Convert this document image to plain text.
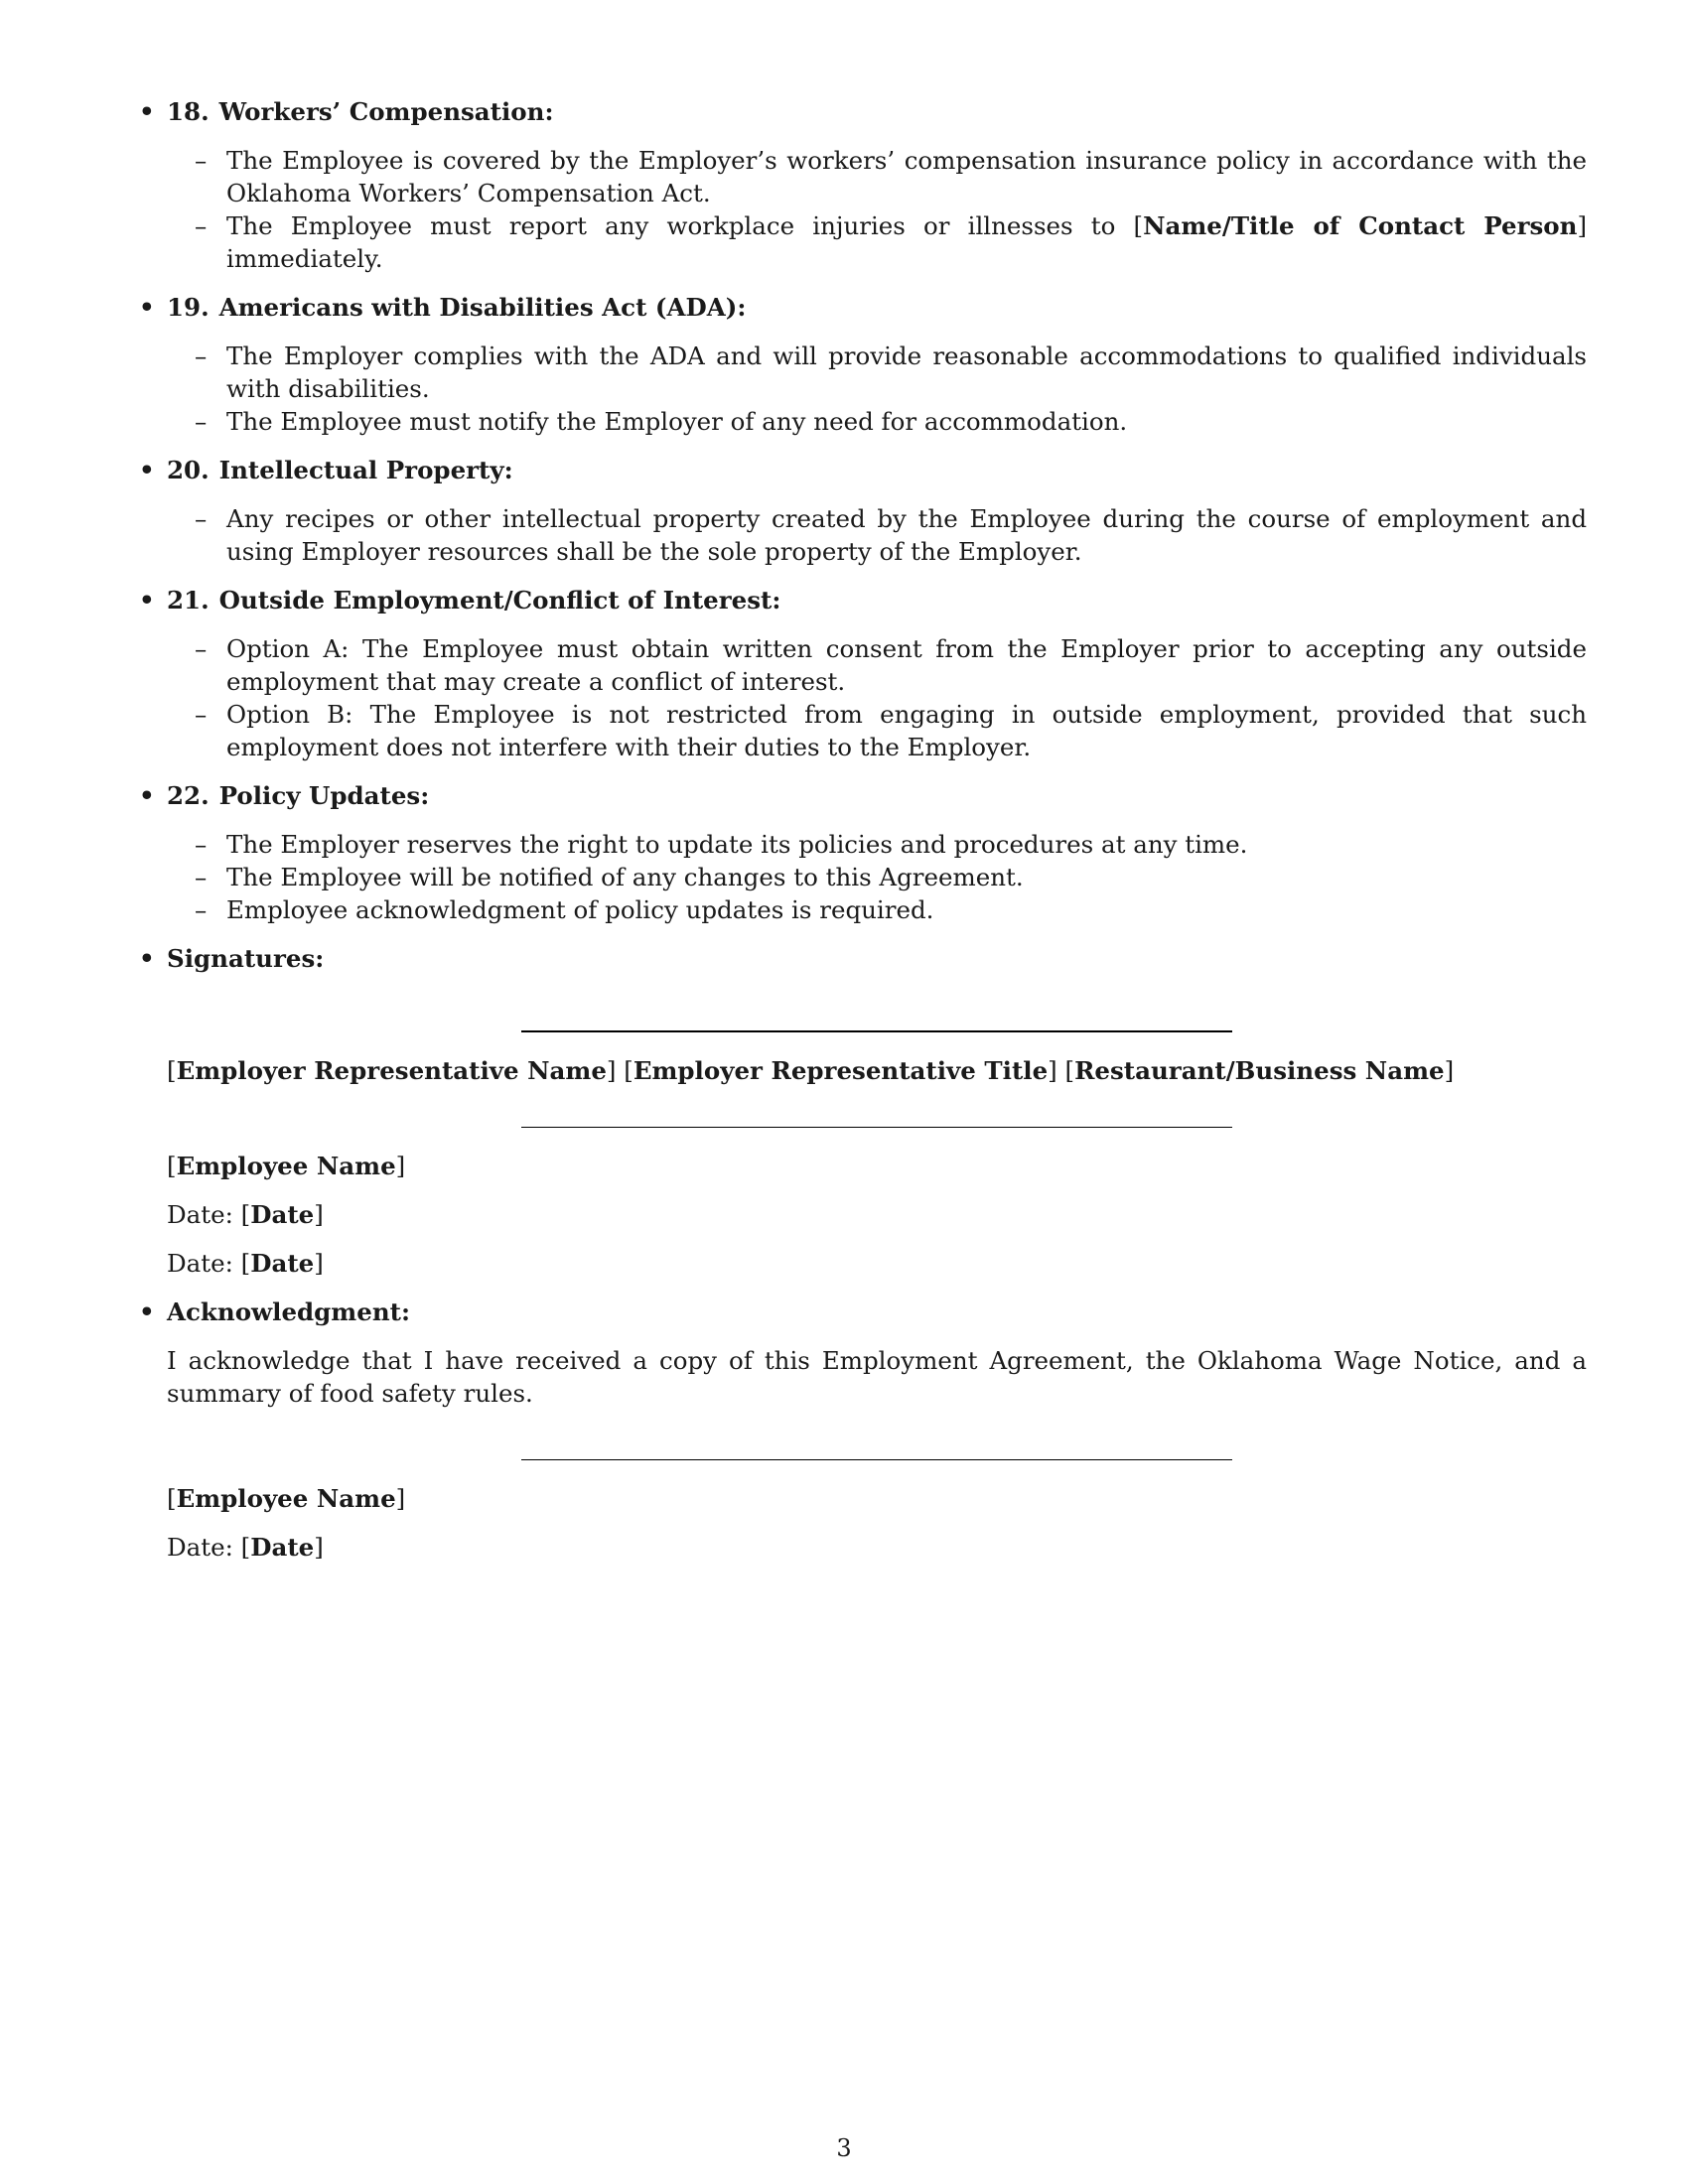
• 18. Workers’ Compensation:
– The Employee is covered by the Employer’s workers’ compensation insurance policy in accordance with the Oklahoma Workers’ Compensation Act.
– The Employee must report any workplace injuries or illnesses to [Name/Title of Contact Person] immediately.
• 19. Americans with Disabilities Act (ADA):
– The Employer complies with the ADA and will provide reasonable accommodations to qualified individuals with disabilities.
– The Employee must notify the Employer of any need for accommodation.
• 20. Intellectual Property:
– Any recipes or other intellectual property created by the Employee during the course of employment and using Employer resources shall be the sole property of the Employer.
• 21. Outside Employment/Conflict of Interest:
– Option A: The Employee must obtain written consent from the Employer prior to accepting any outside employment that may create a conflict of interest.
– Option B: The Employee is not restricted from engaging in outside employment, provided that such employment does not interfere with their duties to the Employer.
• 22. Policy Updates:
– The Employer reserves the right to update its policies and procedures at any time.
– The Employee will be notified of any changes to this Agreement.
– Employee acknowledgment of policy updates is required.
• Signatures:
[Employer Representative Name] [Employer Representative Title] [Restaurant/Business Name]
[Employee Name]
Date: [Date]
Date: [Date]
• Acknowledgment:
I acknowledge that I have received a copy of this Employment Agreement, the Oklahoma Wage Notice, and a summary of food safety rules.
[Employee Name]
Date: [Date]
3
